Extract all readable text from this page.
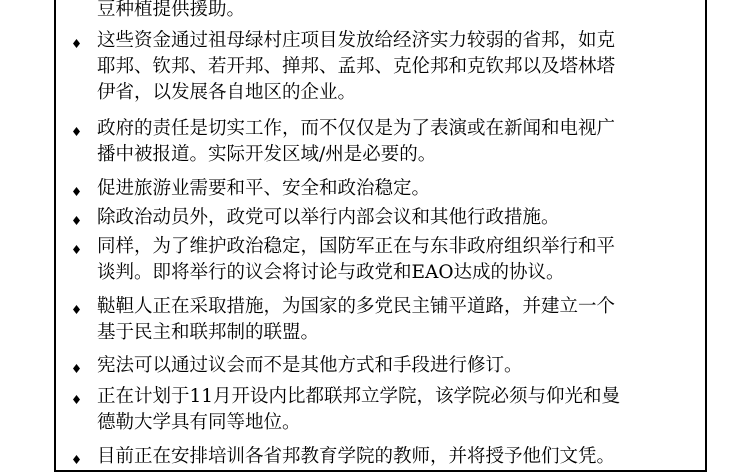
豆种植提供援助。
这些资金通过祖母绿村庄项目发放给经济实力较弱的省邦，如克
耶邦、钦邦、若开邦、掸邦、孟邦、克伦邦和克钦邦以及塔林塔
伊省，以发展各自地区的企业。
政府的责任是切实工作，而不仅仅是为了表演或在新闻和电视广
播中被报道。实际开发区域/州是必要的。
促进旅游业需要和平、安全和政治稳定。
除政治动员外，政党可以举行内部会议和其他行政措施。
同样，为了维护政治稳定，国防军正在与东非政府组织举行和平
谈判。即将举行的议会将讨论与政党和EAO达成的协议。
鞑靼人正在采取措施，为国家的多党民主铺平道路，并建立一个
基于民主和联邦制的联盟。
宪法可以通过议会而不是其他方式和手段进行修订。
正在计划于11月开设内比都联邦立学院，该学院必须与仰光和曼
德勒大学具有同等地位。
目前正在安排培训各省邦教育学院的教师，并将授予他们文凭。
